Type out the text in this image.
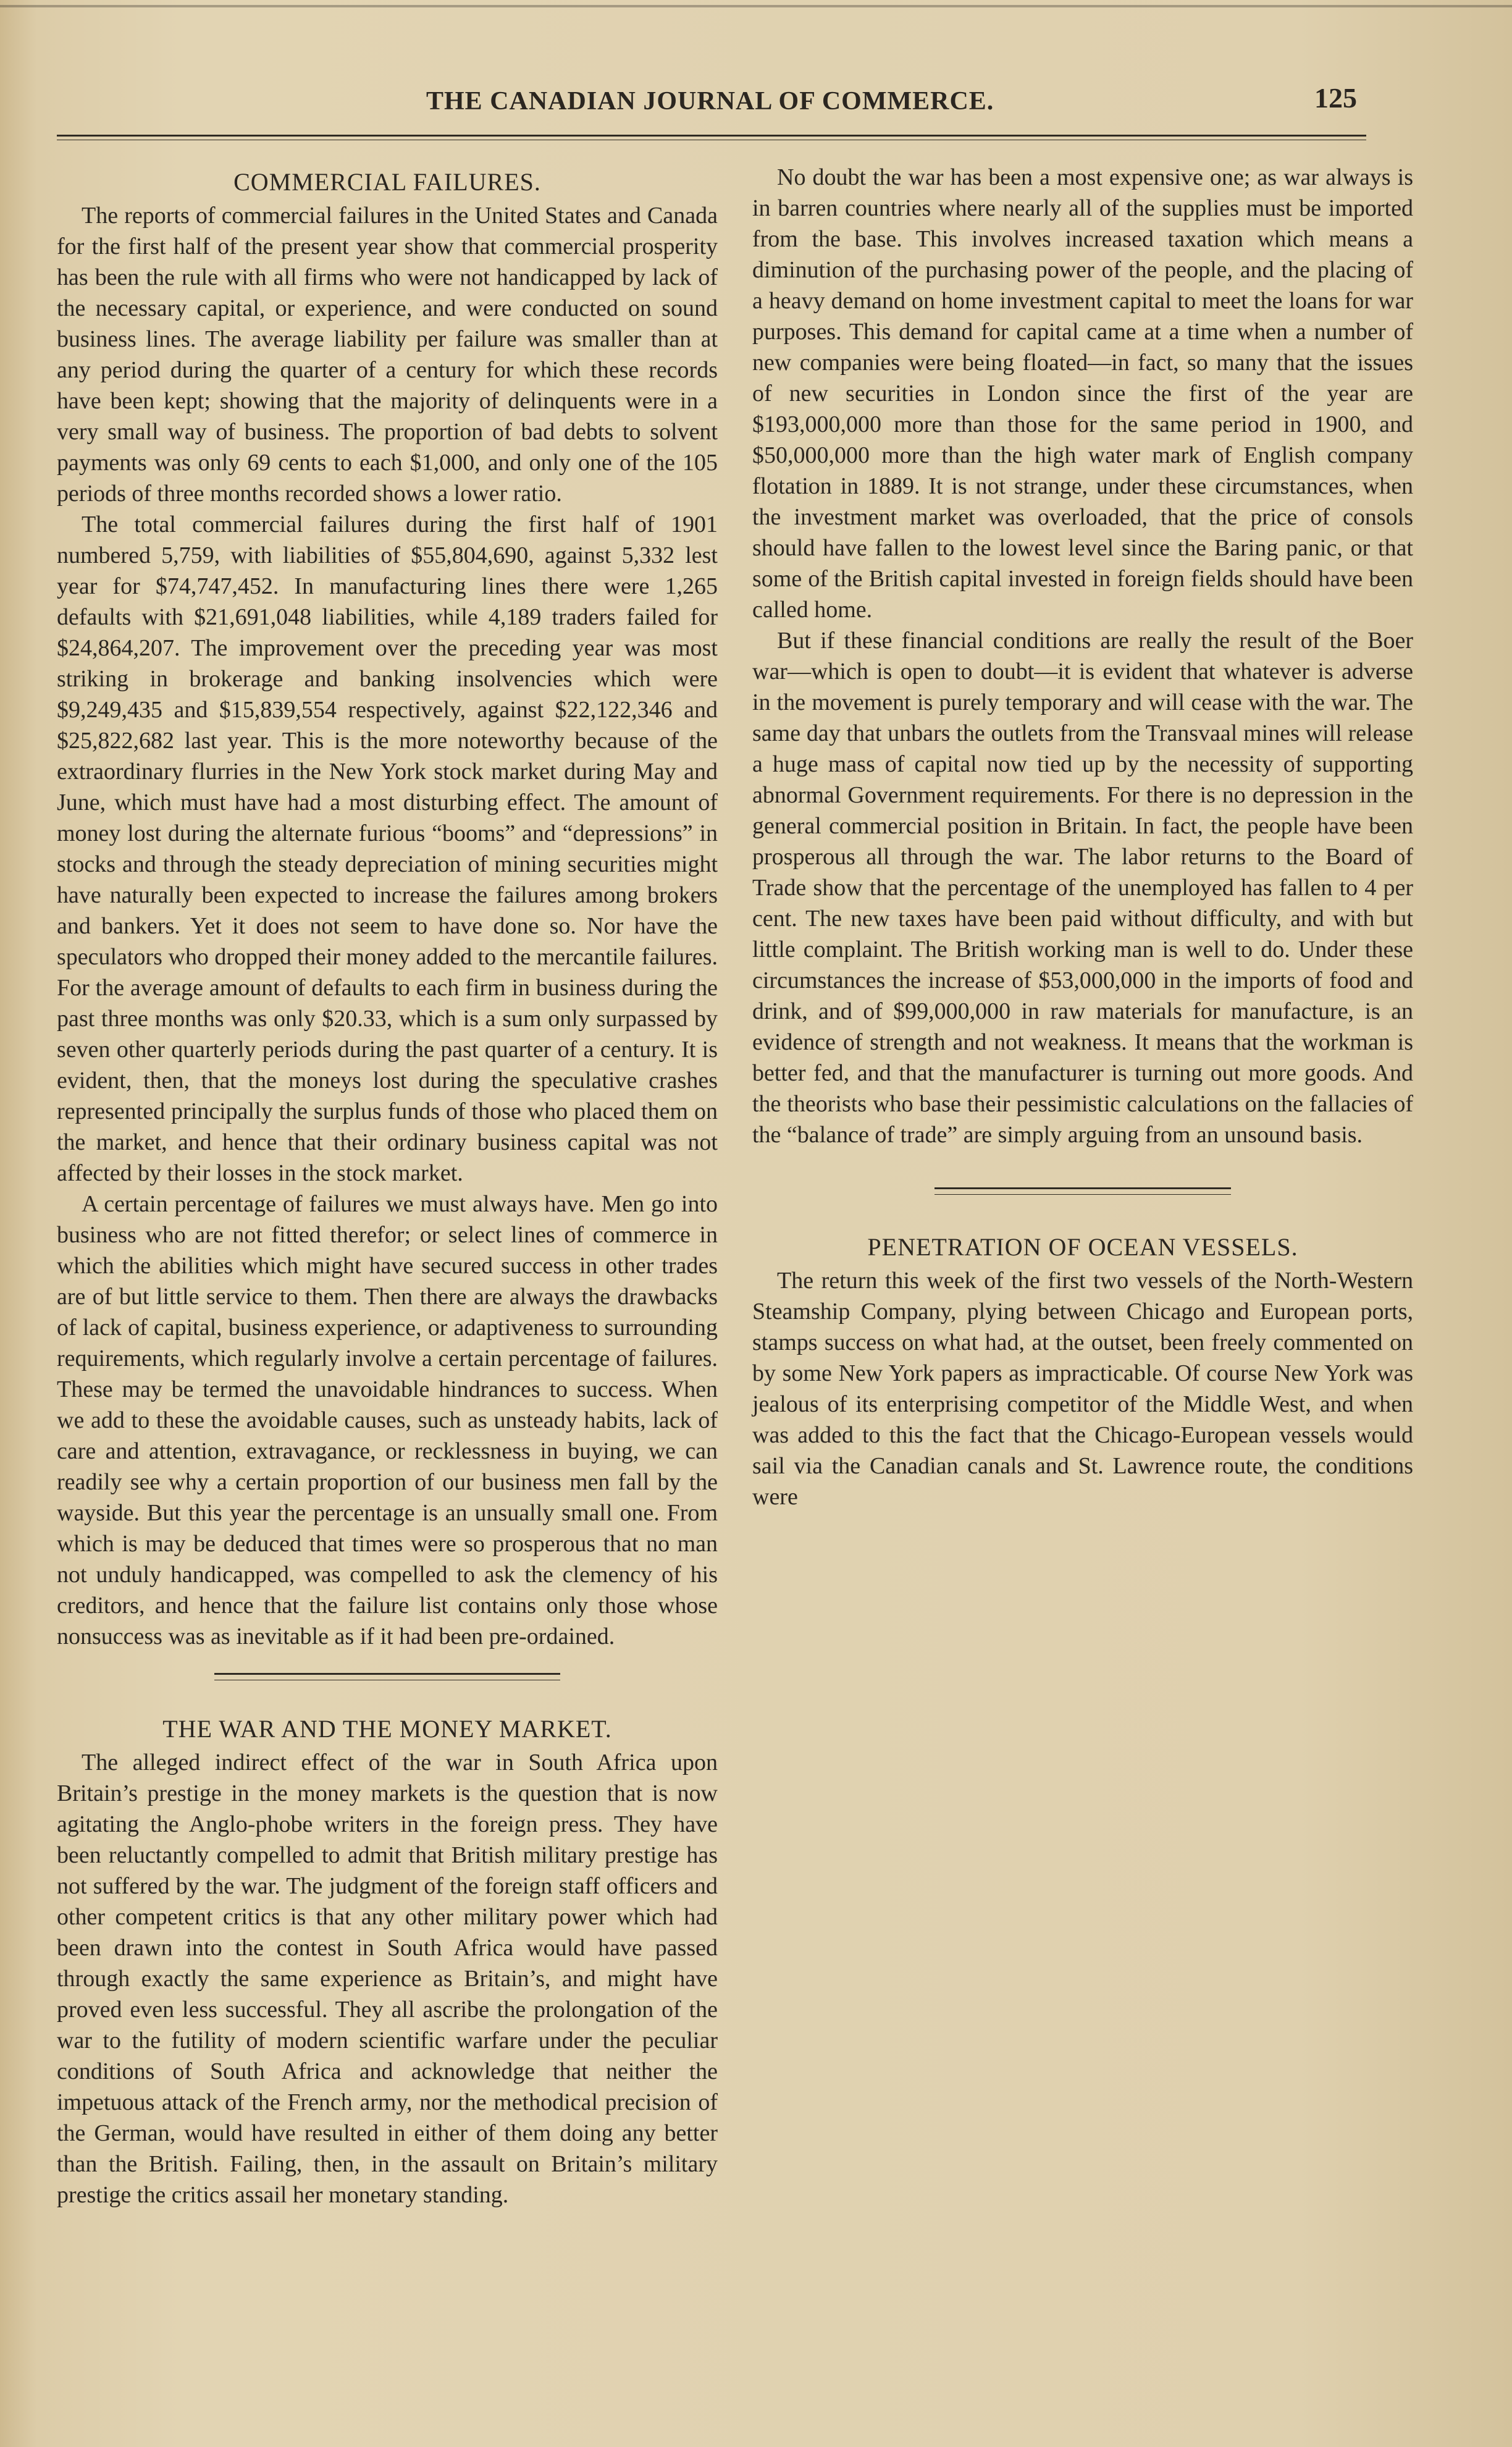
THE CANADIAN JOURNAL OF COMMERCE.	125
COMMERCIAL FAILURES.

The reports of commercial failures in the United States and Canada for the first half of the present year show that commercial prosperity has been the rule with all firms who were not handicapped by lack of the necessary capital, or experience, and were conducted on sound business lines. The average liability per failure was smaller than at any period during the quarter of a century for which these records have been kept; showing that the majority of delinquents were in a very small way of business. The proportion of bad debts to solvent payments was only 69 cents to each $1,000, and only one of the 105 periods of three months recorded shows a lower ratio.

The total commercial failures during the first half of 1901 numbered 5,759, with liabilities of $55,804,690, against 5,332 lest year for $74,747,452. In manufacturing lines there were 1,265 defaults with $21,691,048 liabilities, while 4,189 traders failed for $24,864,207. The improvement over the preceding year was most striking in brokerage and banking insolvencies which were $9,249,435 and $15,839,554 respectively, against $22,122,346 and $25,822,682 last year. This is the more noteworthy because of the extraordinary flurries in the New York stock market during May and June, which must have had a most disturbing effect. The amount of money lost during the alternate furious “booms” and “depressions” in stocks and through the steady depreciation of mining securities might have naturally been expected to increase the failures among brokers and bankers. Yet it does not seem to have done so. Nor have the speculators who dropped their money added to the mercantile failures. For the average amount of defaults to each firm in business during the past three months was only $20.33, which is a sum only surpassed by seven other quarterly periods during the past quarter of a century. It is evident, then, that the moneys lost during the speculative crashes represented principally the surplus funds of those who placed them on the market, and hence that their ordinary business capital was not affected by their losses in the stock market.

A certain percentage of failures we must always have. Men go into business who are not fitted therefor; or select lines of commerce in which the abilities which might have secured success in other trades are of but little service to them. Then there are always the drawbacks of lack of capital, business experience, or adaptiveness to surrounding requirements, which regularly involve a certain percentage of failures. These may be termed the unavoidable hindrances to success. When we add to these the avoidable causes, such as unsteady habits, lack of care and attention, extravagance, or recklessness in buying, we can readily see why a certain proportion of our business men fall by the wayside. But this year the percentage is an unsually small one. From which is may be deduced that times were so prosperous that no man not unduly handicapped, was compelled to ask the clemency of his creditors, and hence that the failure list contains only those whose nonsuccess was as inevitable as if it had been pre-ordained.

THE WAR AND THE MONEY MARKET.

The alleged indirect effect of the war in South Africa upon Britain’s prestige in the money markets is the question that is now agitating the Anglo-phobe writers in the foreign press. They have been reluctantly compelled to admit that British military prestige has not suffered by the war. The judgment of the foreign staff officers and other competent critics is that any other military power which had been drawn into the contest in South Africa would have passed through exactly the same experience as Britain’s, and might have proved even less successful. They all ascribe the prolongation of the war to the futility of modern scientific warfare under the peculiar conditions of South Africa and acknowledge that neither the impetuous attack of the French army, nor the methodical precision of the German, would have resulted in either of them doing any better than the British. Failing, then, in the assault on Britain’s military prestige the critics assail her monetary standing.

No doubt the war has been a most expensive one; as war always is in barren countries where nearly all of the supplies must be imported from the base. This involves increased taxation which means a diminution of the purchasing power of the people, and the placing of a heavy demand on home investment capital to meet the loans for war purposes. This demand for capital came at a time when a number of new companies were being floated—in fact, so many that the issues of new securities in London since the first of the year are $193,000,000 more than those for the same period in 1900, and $50,000,000 more than the high water mark of English company flotation in 1889. It is not strange, under these circumstances, when the investment market was overloaded, that the price of consols should have fallen to the lowest level since the Baring panic, or that some of the British capital invested in foreign fields should have been called home.

But if these financial conditions are really the result of the Boer war—which is open to doubt—it is evident that whatever is adverse in the movement is purely temporary and will cease with the war. The same day that unbars the outlets from the Transvaal mines will release a huge mass of capital now tied up by the necessity of supporting abnormal Government requirements. For there is no depression in the general commercial position in Britain. In fact, the people have been prosperous all through the war. The labor returns to the Board of Trade show that the percentage of the unemployed has fallen to 4 per cent. The new taxes have been paid without difficulty, and with but little complaint. The British working man is well to do. Under these circumstances the increase of $53,000,000 in the imports of food and drink, and of $99,000,000 in raw materials for manufacture, is an evidence of strength and not weakness. It means that the workman is better fed, and that the manufacturer is turning out more goods. And the theorists who base their pessimistic calculations on the fallacies of the “balance of trade” are simply arguing from an unsound basis.

PENETRATION OF OCEAN VESSELS.

The return this week of the first two vessels of the North-Western Steamship Company, plying between Chicago and European ports, stamps success on what had, at the outset, been freely commented on by some New York papers as impracticable. Of course New York was jealous of its enterprising competitor of the Middle West, and when was added to this the fact that the Chicago-European vessels would sail via the Canadian canals and St. Lawrence route, the conditions were
